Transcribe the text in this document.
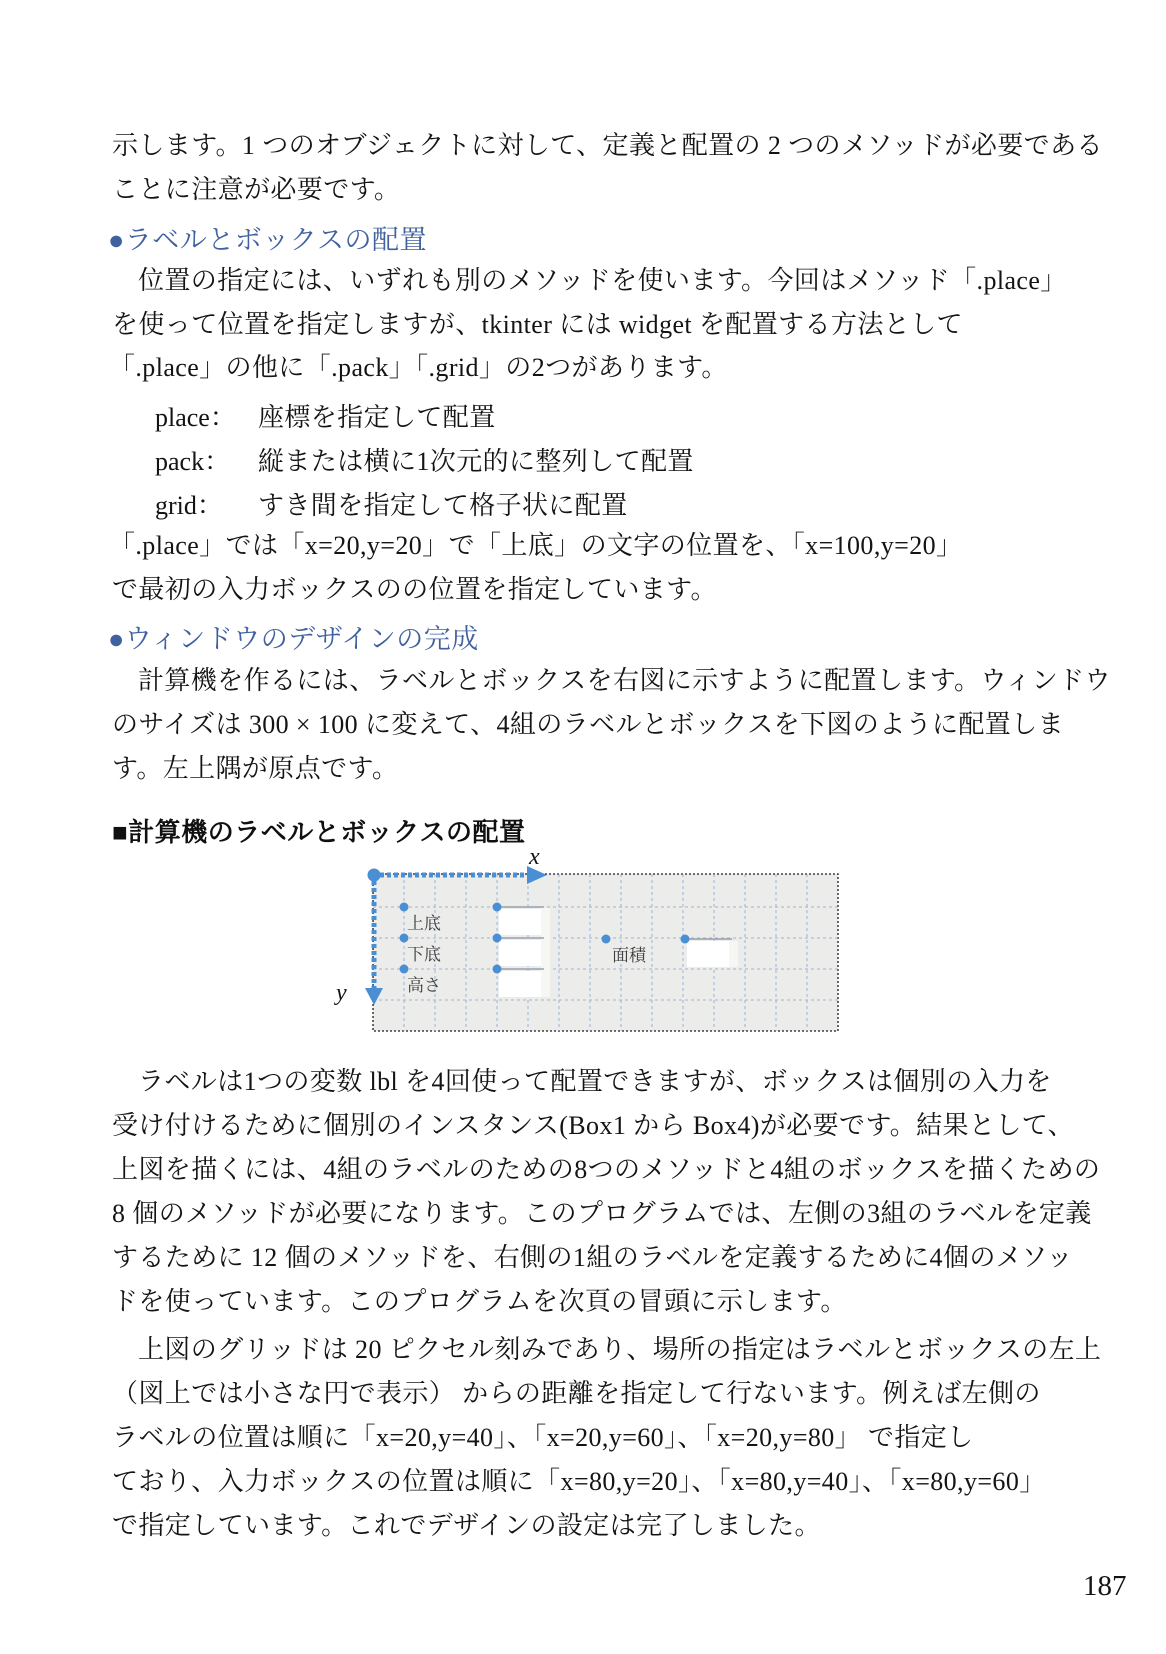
示します。1 つのオブジェクトに対して、定義と配置の 2 つのメソッドが必要である
ことに注意が必要です。
●ラベルとボックスの配置
位置の指定には、いずれも別のメソッドを使います。今回はメソッド「.place」
を使って位置を指定しますが、tkinter には widget を配置する方法として
「.place」の他に「.pack」「.grid」の2つがあります。
place： 座標を指定して配置
pack： 縦または横に1次元的に整列して配置
grid： すき間を指定して格子状に配置
「.place」では「x=20,y=20」で「上底」の文字の位置を、「x=100,y=20」
で最初の入力ボックスのの位置を指定しています。
●ウィンドウのデザインの完成
計算機を作るには、ラベルとボックスを右図に示すように配置します。ウィンドウ
のサイズは 300 × 100 に変えて、4組のラベルとボックスを下図のように配置しま
す。左上隅が原点です。
■計算機のラベルとボックスの配置
上底
下底
高さ
面積
x
y
ラベルは1つの変数 lbl を4回使って配置できますが、ボックスは個別の入力を
受け付けるために個別のインスタンス(Box1 から Box4)が必要です。結果として、
上図を描くには、4組のラベルのための8つのメソッドと4組のボックスを描くための
8 個のメソッドが必要になります。このプログラムでは、左側の3組のラベルを定義
するために 12 個のメソッドを、右側の1組のラベルを定義するために4個のメソッ
ドを使っています。このプログラムを次頁の冒頭に示します。
上図のグリッドは 20 ピクセル刻みであり、場所の指定はラベルとボックスの左上
（図上では小さな円で表示） からの距離を指定して行ないます。例えば左側の
ラベルの位置は順に「x=20,y=40」、「x=20,y=60」、「x=20,y=80」 で指定し
ており、入力ボックスの位置は順に「x=80,y=20」、「x=80,y=40」、「x=80,y=60」
で指定しています。これでデザインの設定は完了しました。
187
